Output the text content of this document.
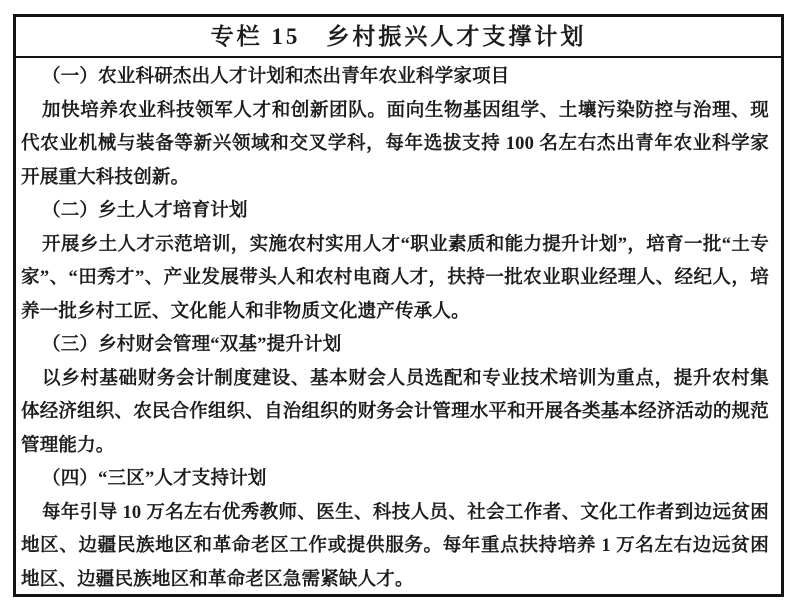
专栏 15　乡村振兴人才支撑计划
（一）农业科研杰出人才计划和杰出青年农业科学家项目

加快培养农业科技领军人才和创新团队。面向生物基因组学、土壤污染防控与治理、现代农业机械与装备等新兴领域和交叉学科，每年选拔支持 100 名左右杰出青年农业科学家开展重大科技创新。

（二）乡土人才培育计划

开展乡土人才示范培训，实施农村实用人才“职业素质和能力提升计划”，培育一批“土专家”、“田秀才”、产业发展带头人和农村电商人才，扶持一批农业职业经理人、经纪人，培养一批乡村工匠、文化能人和非物质文化遗产传承人。

（三）乡村财会管理“双基”提升计划

以乡村基础财务会计制度建设、基本财会人员选配和专业技术培训为重点，提升农村集体经济组织、农民合作组织、自治组织的财务会计管理水平和开展各类基本经济活动的规范管理能力。

（四）“三区”人才支持计划

每年引导 10 万名左右优秀教师、医生、科技人员、社会工作者、文化工作者到边远贫困地区、边疆民族地区和革命老区工作或提供服务。每年重点扶持培养 1 万名左右边远贫困地区、边疆民族地区和革命老区急需紧缺人才。
